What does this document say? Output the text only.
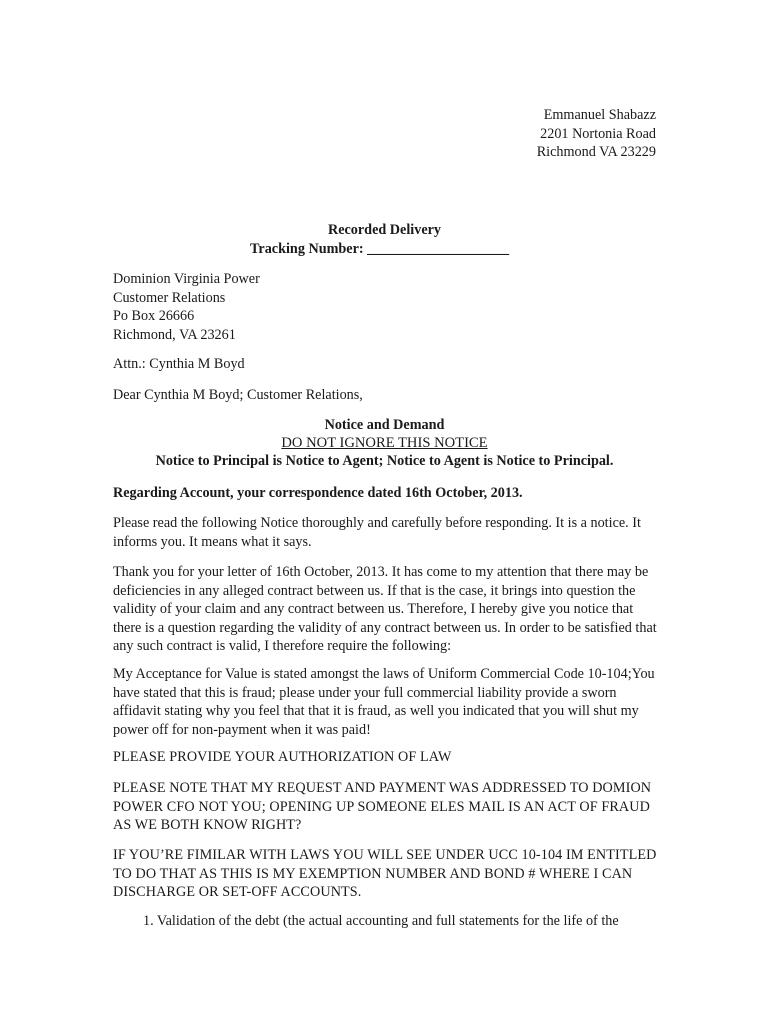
Emmanuel Shabazz
2201 Nortonia Road
Richmond VA 23229
Recorded Delivery
Tracking Number: ____________________
Dominion Virginia Power
Customer Relations
Po Box 26666
Richmond, VA 23261
Attn.: Cynthia M Boyd
Dear Cynthia M Boyd; Customer Relations,
Notice and Demand
DO NOT IGNORE THIS NOTICE
Notice to Principal is Notice to Agent; Notice to Agent is Notice to Principal.
Regarding Account, your correspondence dated 16th October, 2013.
Please read the following Notice thoroughly and carefully before responding. It is a notice. It informs you. It means what it says.
Thank you for your letter of 16th October, 2013. It has come to my attention that there may be deficiencies in any alleged contract between us. If that is the case, it brings into question the validity of your claim and any contract between us. Therefore, I hereby give you notice that there is a question regarding the validity of any contract between us. In order to be satisfied that any such contract is valid, I therefore require the following:
My Acceptance for Value is stated amongst the laws of Uniform Commercial Code 10-104;You have stated that this is fraud; please under your full commercial liability provide a sworn affidavit stating why you feel that that it is fraud, as well you indicated that you will shut my power off for non-payment when it was paid!
PLEASE PROVIDE YOUR AUTHORIZATION OF LAW
PLEASE NOTE THAT MY REQUEST AND PAYMENT WAS ADDRESSED TO DOMION POWER CFO NOT YOU; OPENING UP SOMEONE ELES MAIL IS AN ACT OF FRAUD AS WE BOTH KNOW RIGHT?
IF YOU’RE FIMILAR WITH LAWS YOU WILL SEE UNDER UCC 10-104 IM ENTITLED TO DO THAT AS THIS IS MY EXEMPTION NUMBER AND BOND # WHERE I CAN DISCHARGE OR SET-OFF ACCOUNTS.
1. Validation of the debt (the actual accounting and full statements for the life of the
